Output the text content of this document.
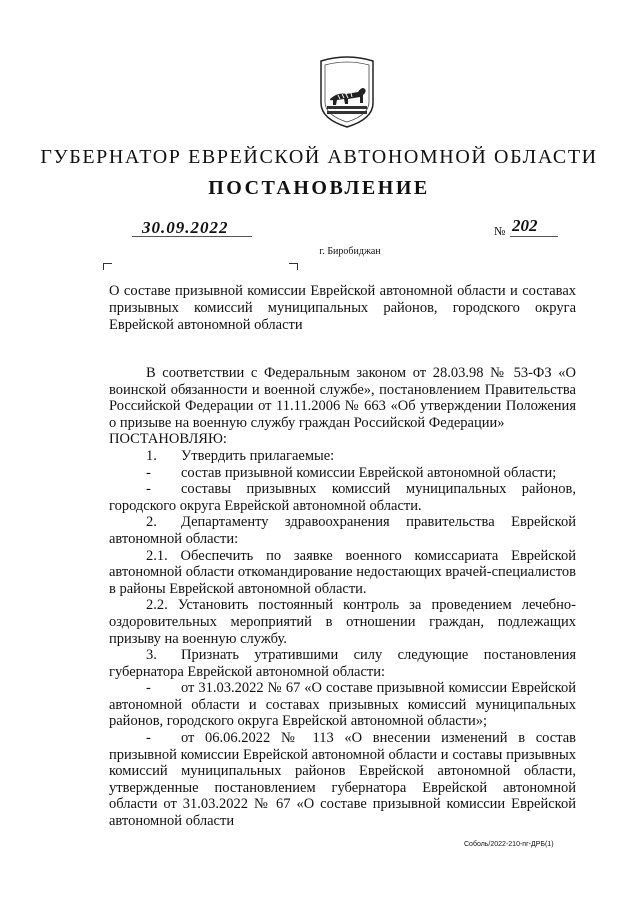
ГУБЕРНАТОР ЕВРЕЙСКОЙ АВТОНОМНОЙ ОБЛАСТИ
ПОСТАНОВЛЕНИЕ
30.09.2022	№ 202
г. Биробиджан
О составе призывной комиссии Еврейской автономной области и составах призывных комиссий муниципальных районов, городского округа Еврейской автономной области

В соответствии с Федеральным законом от 28.03.98 № 53-ФЗ «О воинской обязанности и военной службе», постановлением Правительства Российской Федерации от 11.11.2006 № 663 «Об утверждении Положения о призыве на военную службу граждан Российской Федерации»

ПОСТАНОВЛЯЮ:

1. Утвердить прилагаемые:

- состав призывной комиссии Еврейской автономной области;

- составы призывных комиссий муниципальных районов, городского округа Еврейской автономной области.

2. Департаменту здравоохранения правительства Еврейской автономной области:

2.1. Обеспечить по заявке военного комиссариата Еврейской автономной области откомандирование недостающих врачей-специалистов в районы Еврейской автономной области.

2.2. Установить постоянный контроль за проведением лечебно-оздоровительных мероприятий в отношении граждан, подлежащих призыву на военную службу.

3. Признать утратившими силу следующие постановления губернатора Еврейской автономной области:

- от 31.03.2022 № 67 «О составе призывной комиссии Еврейской автономной области и составах призывных комиссий муниципальных районов, городского округа Еврейской автономной области»;

- от 06.06.2022 № 113 «О внесении изменений в состав призывной комиссии Еврейской автономной области и составы призывных комиссий муниципальных районов Еврейской автономной области, утвержденные постановлением губернатора Еврейской автономной области от 31.03.2022 № 67 «О составе призывной комиссии Еврейской автономной области

Соболь/2022-210-пг-ДРБ(1)
